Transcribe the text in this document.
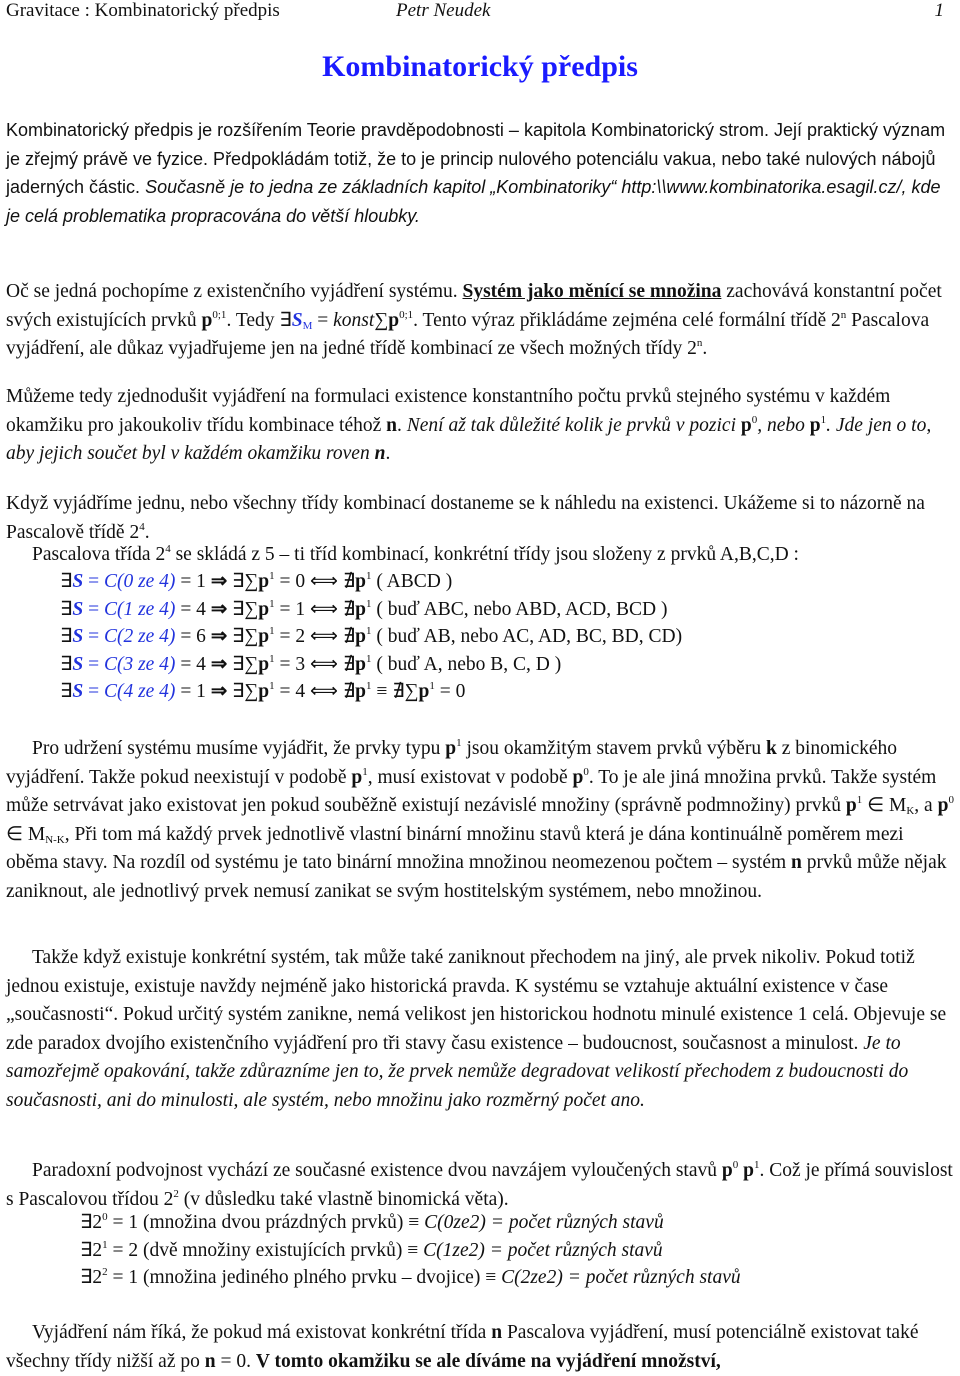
Gravitace : Kombinatorický předpis	Petr Neudek	1
Kombinatorický předpis
Kombinatorický předpis je rozšířením Teorie pravděpodobnosti – kapitola Kombinatorický strom. Její praktický význam je zřejmý právě ve fyzice. Předpokládám totiž, že to je princip nulového potenciálu vakua, nebo také nulových nábojů jaderných částic. Současně je to jedna ze základních kapitol „Kombinatoriky“ http:\\www.kombinatorika.esagil.cz/, kde je celá problematika propracována do větší hloubky.
Oč se jedná pochopíme z existenčního vyjádření systému. Systém jako měnící se množina zachovává konstantní počet svých existujících prvků $p^{0;1}$. Tedy $\exists S_M$ = $konst\sum p^{0;1}$. Tento výraz přikládáme zejména celé formální třídě 2$^n$ Pascalova vyjádření, ale důkaz vyjadřujeme jen na jedné třídě kombinací ze všech možných třídy 2$^n$.
Můžeme tedy zjednodušit vyjádření na formulaci existence konstantního počtu prvků stejného systému v každém okamžiku pro jakoukoliv třídu kombinace téhož n. Není až tak důležité kolik je prvků v pozici $p^0$, nebo $p^1$. Jde jen o to, aby jejich součet byl v každém okamžiku roven n.
Když vyjádříme jednu, nebo všechny třídy kombinací dostaneme se k náhledu na existenci. Ukážeme si to názorně na Pascalově třídě $2^4$.
Pascalova třída $2^4$ se skládá z 5 – ti tříd kombinací, konkrétní třídy jsou složeny z prvků A,B,C,D :
∃S = C(0 ze 4) = 1 ⇒ $\exists\sum p^1 = 0$ ⟺ $∄p^1$ ( ABCD )
∃S = C(1 ze 4) = 4 ⇒ $\exists\sum p^1 = 1$ ⟺ $∄p^1$ ( buď ABC, nebo ABD, ACD, BCD )
∃S = C(2 ze 4) = 6 ⇒ $\exists\sum p^1 = 2$ ⟺ $∄p^1$ ( buď AB, nebo AC, AD, BC, BD, CD)
∃S = C(3 ze 4) = 4 ⇒ $\exists\sum p^1 = 3$ ⟺ $∄p^1$ ( buď A, nebo B, C, D )
∃S = C(4 ze 4) = 1 ⇒ $\exists\sum p^1 = 4$ ⟺ $∄p^1$ ≡ $∄\sum p^1 = 0$
Pro udržení systému musíme vyjádřit, že prvky typu $p^1$ jsou okamžitým stavem prvků výběru k z binomického vyjádření. Takže pokud neexistují v podobě $p^1$, musí existovat v podobě $p^0$. To je ale jiná množina prvků. Takže systém může setrvávat jako existovat jen pokud souběžně existují nezávislé množiny (správně podmnožiny) prvků $p^1$ ∈ $M_K$, a $p^0$ ∈ $M_{N-K}$, Při tom má každý prvek jednotlivě vlastní binární množinu stavů která je dána kontinuálně poměrem mezi oběma stavy. Na rozdíl od systému je tato binární množina množinou neomezenou počtem – systém n prvků může nějak zaniknout, ale jednotlivý prvek nemusí zanikat se svým hostitelským systémem, nebo množinou.
Takže když existuje konkrétní systém, tak může také zaniknout přechodem na jiný, ale prvek nikoliv. Pokud totiž jednou existuje, existuje navždy nejméně jako historická pravda. K systému se vztahuje aktuální existence v čase „současnosti“. Pokud určitý systém zanikne, nemá velikost jen historickou hodnotu minulé existence 1 celá. Objevuje se zde paradox dvojího existenčního vyjádření pro tři stavy času existence – budoucnost, současnost a minulost. Je to samozřejmě opakování, takže zdůrazníme jen to, že prvek nemůže degradovat velikostí přechodem z budoucnosti do současnosti, ani do minulosti, ale systém, nebo množinu jako rozměrný počet ano.
Paradoxní podvojnost vychází ze současné existence dvou navzájem vyloučených stavů $p^0$ $p^1$. Což je přímá souvislost s Pascalovou třídou $2^2$ (v důsledku také vlastně binomická věta).
$\exists 2^0 = 1$ (množina dvou prázdných prvků) ≡ C(0ze2) = počet různých stavů
$\exists 2^1 = 2$ (dvě množiny existujících prvků) ≡ C(1ze2) = počet různých stavů
$\exists 2^2 = 1$ (množina jediného plného prvku – dvojice) ≡ C(2ze2) = počet různých stavů
Vyjádření nám říká, že pokud má existovat konkrétní třída n Pascalova vyjádření, musí potenciálně existovat také všechny třídy nižší až po n = 0. V tomto okamžiku se ale díváme na vyjádření množství,
